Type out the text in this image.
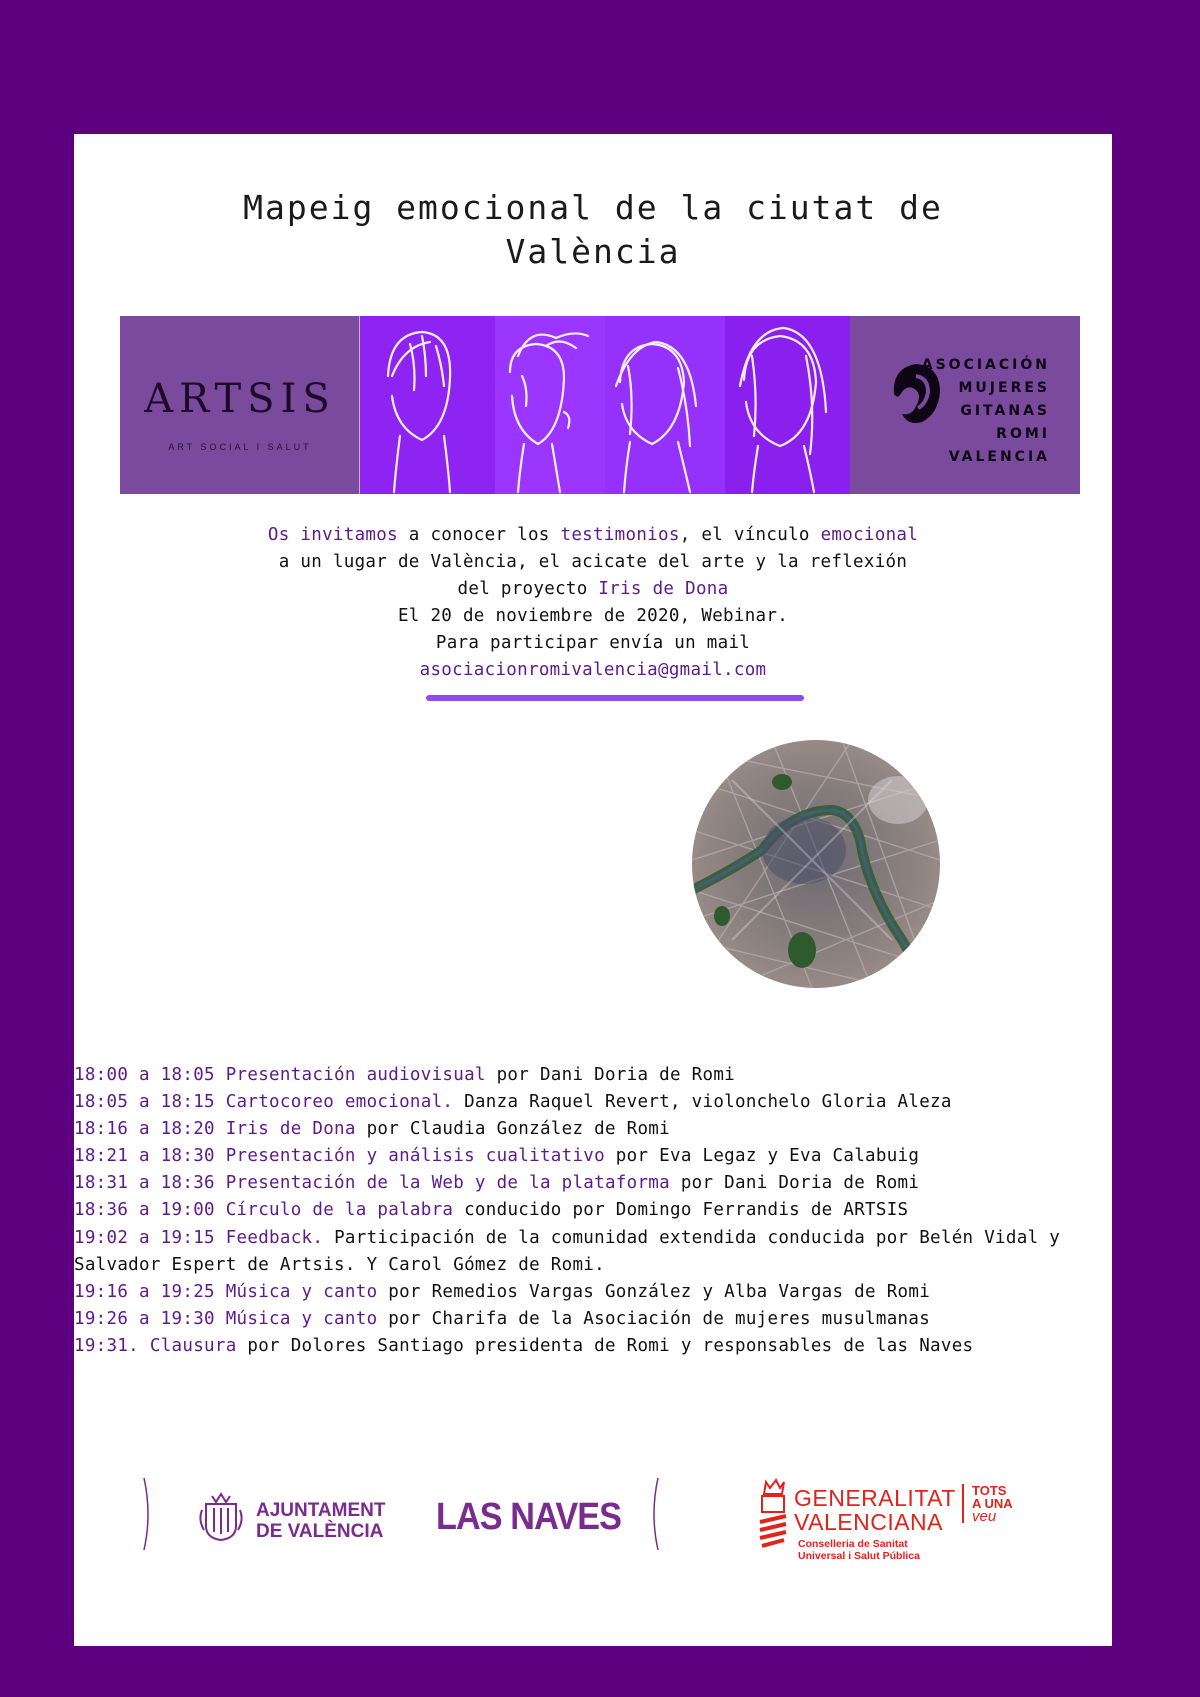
Mapeig emocional de la ciutat de
València
ARTSIS
ART SOCIAL I SALUT
ASOCIACIÓN
MUJERES
GITANAS
ROMI VALENCIA
Os invitamos a conocer los testimonios, el vínculo emocional
a un lugar de València, el acicate del arte y la reflexión
del proyecto Iris de Dona
El 20 de noviembre de 2020, Webinar.
Para participar envía un mail
asociacionromivalencia@gmail.com
18:00 a 18:05 Presentación audiovisual por Dani Doria de Romi
18:05 a 18:15 Cartocoreo emocional. Danza Raquel Revert, violonchelo Gloria Aleza
18:16 a 18:20 Iris de Dona por Claudia González de Romi
18:21 a 18:30 Presentación y análisis cualitativo por Eva Legaz y Eva Calabuig
18:31 a 18:36 Presentación de la Web y de la plataforma por Dani Doria de Romi
18:36 a 19:00 Círculo de la palabra conducido por Domingo Ferrandis de ARTSIS
19:02 a 19:15 Feedback. Participación de la comunidad extendida conducida por Belén Vidal y Salvador Espert de Artsis. Y Carol Gómez de Romi.
19:16 a 19:25 Música y canto por Remedios Vargas González y Alba Vargas de Romi
19:26 a 19:30 Música y canto por Charifa de la Asociación de mujeres musulmanas
19:31. Clausura por Dolores Santiago presidenta de Romi y responsables de las Naves
AJUNTAMENT
DE VALÈNCIA LAS NAVES	GENERALITAT
VALENCIANA
Conselleria de Sanitat
Universal i Salut Pública
TOTS
A UNA
veu
